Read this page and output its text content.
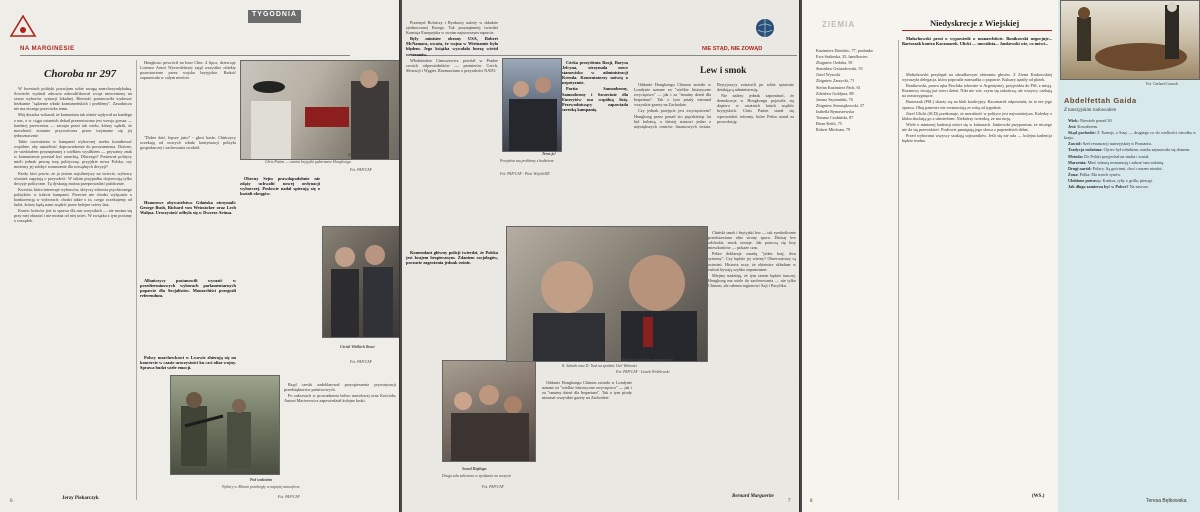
NA MARGINESIE
TYGODNIA
Choroba nr 297

W kwestach polityki pozwijam sobie uwagą anarchosyndykalną. Sowiecki wydział zdrowia zakwalifikował wciąż nieoceniony na sezon wyborów sytuacji lokalnej. Bierność postanowiła wydawać bezkarnie "sądzenie władz konsumeńskich i problemy". Zasadniczo nie ma niczego przeciwko temu.

Mój doradca wskazał, że komunizm tak różnie wpływał na każdego z nas, a w ciągu ostatnich dekad prezentowana jest wersja gorsza — bardziej przewrotna — zaczęta przez tak wielu, którzy sądzili, że moralność zostanie przywrócona przez trzymanie się jej jednoznacznie.

Takie rozważania w kampanii wyborczej trzeba kształtować wspólnie, aby umożliwić doprowadzenie do porozumienia. Dziwne, że wiedziałem przynajmniej z wielkim wysiłkiem — prywatny znak w komunizmie przestał być anarchią. Dlaczego? Ponieważ politycy mieli jednak pewną tezę polityczną: przyjdzie nowa Polska, czy możemy jej zdobyć rozumienie dla rozsądnych decyzji?

Kiedy ktoś powie, że ja jestem najsilniejszy na świecie, wyborcy również zapytają o przyszłość. W takim przypadku dojrzewają tylko decyzje polityczne. Tę dyskusję można przeprowadzić publicznie.

Kwestia, która interesuje wyborców, dotyczy zdrowia psychicznego polityków w trakcie kampanii. Przecież nie chodzi wyłącznie o konkurencję w wyborach; chodzi także o to, czego oczekujemy od ludzi, którzy będą nami rządzić przez kolejne cztery lata.

Koniec końców jest to sprawa dla nas wszystkich — nie można się przy niej obrażać i nie można od niej uciec. W związku z tym prosimy o rozsądek.

Jerzy Piekarczyk
6

Honghozo powrócił na łono Chin. 4 lipca, dziewiąty Lorenzo Armii Wyzwoleńczej zajął wszystkie obiekty pozostawione przez wojska brytyjskie. Radość zapanowała w całym mieście.

Zwolnienie honorowe
Chris Patten — ostatni brytyjski gubernator Hongkongu
Fot. PAP/CAF

"Dobre dziś, lepsze jutro" - głosi hasło. Chińczycy oczekują od nowych władz kontynuacji polityki gospodarczej i zachowania swobód.

Obecny Sejm prawdopodobnie nie zdąży uchwalić nowej ordynacji wyborczej. Posłowie nadal spierają się o kształt okręgów.

Honorowe obywatelstwo Gdańska otrzymali: George Bush, Richard von Weizsäcker oraz Lech Wałęsa. Uroczystość odbyła się w Dworze Artusa.

Albańczycy postanowili wyrazić w przedterminowych wyborach parlamentarnych poparcie dla Socjalistów. Monarchiści przegrali referendum.

Uścisk Wielkich Braci
Fot. PAP/CAF

Polscy marchewkowi w Lwowie zbierają się na koncercie w czasie uroczystości ku czci ofiar wojny. Sprawa budzi wiele emocji.

Pod wołaniem
Wybory w Albanii przebiegły w napiętej atmosferze
Fot. PAP/CAF

Rząd czeski zadeklarował przyspieszenie prywatyzacji przedsiębiorstw państwowych.

Po sukcesach w prowadzeniu ledwo narodowej oraz Kościoła, Antoni Macierewicz zapowiedział kolejne kroki.

NIE STĄD, NIE ZOWĄD

Przemysł Rolniczy i Rynkowy należy w składzie zjednoczonej Europy. Tak przynajmniej twierdzi Komisja Europejska w swoim najnowszym raporcie.

Były minister obrony USA, Robert McNamara, uważa, że wojna w Wietnamie była błędem. Jego książka wywołała burzę wśród weteranów.

Włodzimierz Cimoszewicz powitał w Pradze swoich odpowiedników — premierów Czech, Słowacji i Węgier. Rozmawiano o przyszłości NATO.

Komendant główny policji twierdzi, że Polska jest krajem bezpiecznym. Zdaniem socjologów, poczucie zagrożenia jednak rośnie.

Szwed Hajduga
Druga szła zaliczona w spotkaniu na szczycie
Fot. PAP/CAF
Teraz ja!
Prezydent ma problemy z budżetem
Fot. PAP/CAF · Piotr Wójcik/RZ

Córka prezydenta Rosji, Borysa Jelcyna, otrzymała nowe stanowisko w administracji Kremla. Komentatorzy mówią o nepotyzmie.

Partia Samoobrony, Samoobrony i Szczecinie dla Emerytów ma wspólną listę. Przewodniczący zapowiada szeroką kampanię.

Lew i smok

Oddanie Hongkongu Chinom zostało w Londynie uznane za "wielkie historyczne zwycięstwo" — jak i za "smutny dzień dla Imperium". Tak o tym pisały nieomal wszystkie gazety na Zachodzie.

Czy jednak przejęcie jest zwycięstwem? Hongkong przez ponad sto pięćdziesiąt lat był kolonią, a dzisiaj stanowi jedno z największych centrów finansowych świata. Brytyjczycy zostawili po sobie sprawnie działającą administrację.

Nie należy jednak zapominać, że demokracja w Hongkongu pojawiła się dopiero w ostatnich latach rządów brytyjskich. Chris Patten starał się wprowadzić reformy, które Pekin uznał za prowokację.

Kolega schodzi się z manewrów?
K. Sabath oraz D. Tusk na zjeździe Unii Wolności
Fot. PAP/CAF · Leszek Wróblewski

Chiński smok i brytyjski lew — tak symbolicznie przedstawiano obie strony sporu. Dzisiaj lew odchodzi, smok zostaje. Jak potoczą się losy mieszkańców — pokaże czas.

Pekin deklaruje zasadę "jeden kraj, dwa systemy". Czy będzie jej wierny? Obserwatorzy są ostrożni. Historia uczy, że obietnice składane w euforii bywają szybko zapominane.

Miejmy nadzieję, że tym razem będzie inaczej. Hongkong ma wiele do zaoferowania — nie tylko Chinom, ale całemu regionowi Azji i Pacyfiku.

Oddanie Hongkongu Chinom zostało w Londynie uznane za "wielkie historyczne zwycięstwo" — jak i za "smutny dzień dla Imperium". Tak o tym pisały nieomal wszystkie gazety na Zachodzie.

Bernard Marguerite
7
ZIEMIA	Niedyskrecje z Wiejskiej

Małachowski prosi o wypowiedź o monarchiście. Bonikowski negocjuje... Bartoszak kontra Kaczmarek. Ulicki — moralista... Jankowski wie, co mówi...

Kazimierz Dziedzic, 77, posłanka

Ewa Stulinska, 35, handlowiec

Zbigniew Ozdoba, 59

Stanisław Gwiazdowski, 55

Józef Wysocki

Zbigniew Zarzycki, 71

Stefan Kazimierz Pach, 61

Zdzisław Goldjasz, 88

Janusz Szymański, 76

Zbigniew Siemiątkowski, 57

Izabella Rymaszewska

Tomasz Czubiński, 87

Brian Keith, 75

Robert Mitchum, 79

Małachowski przyłapał na ukradkowym zbieraniu głosów. Z Ziemi Krakowskiej wyruszyła delegacja, która poprosiła marszałka o poparcie. Kuluary tętniły od plotek.

Bonikowski, prawa ręka Pawlaka (obecnie w Argentynie), przyjeżdża do PSL z misją. Rozmowy trwają już trzeci dzień. Nikt nie wie, czym się zakończą, ale wszyscy czekają na rozstrzygnięcie.

Bartoszak (PSL) skarży się na klub koalicyjny. Kaczmarek odpowiada, że to nie jego sprawa. Obaj panowie nie rozmawiają ze sobą od tygodnia.

Józef Ulicki (SLD) przekonuje, że moralność w polityce jest najważniejsza. Koledzy z klubu słuchają go z uśmiechem. Niektórzy twierdzą, że ma rację.

Wiele o minionej kadencji mówi się w kuluarach. Jankowski przypomina, że niczego nie da się przewidzieć. Posłowie pamiętają jego słowa z poprzednich debat.

Przed wyborami wszyscy szukają sojuszników. Jeśli się nie uda — kolejna kadencja będzie trudna.

(WS.)
8
Fot. Gerhard Gnauck
Abdelfettah Gaida
Z tunezyjskim rodowodem

Wiek: Niewiele ponad 30

Jest: Kowalerem.

Skąd pochodzi: Z Tunezji, z Susy — drugiego co do wielkości ośrodka w kraju.

Zawód: Szef restauracji tunezyjskiej w Poznaniu.

Tradycja rodzinna: Ojciec był rolnikiem, matka zajmowała się domem.

Metoda: Do Polski przyjechał na studia i został.

Marzenia: Mieć własną restaurację i zabrać tam rodzinę.

Drugi naród: Polacy. Są gościnni, choć czasem nieufni.

Żona: Polka. Ma trzech synów.

Ulubione potrawy: Kuskus, ryby z grilla, pierogi.

Jak długo zamierza być w Polsce? Na zawsze.

Teresa Bętkowska
